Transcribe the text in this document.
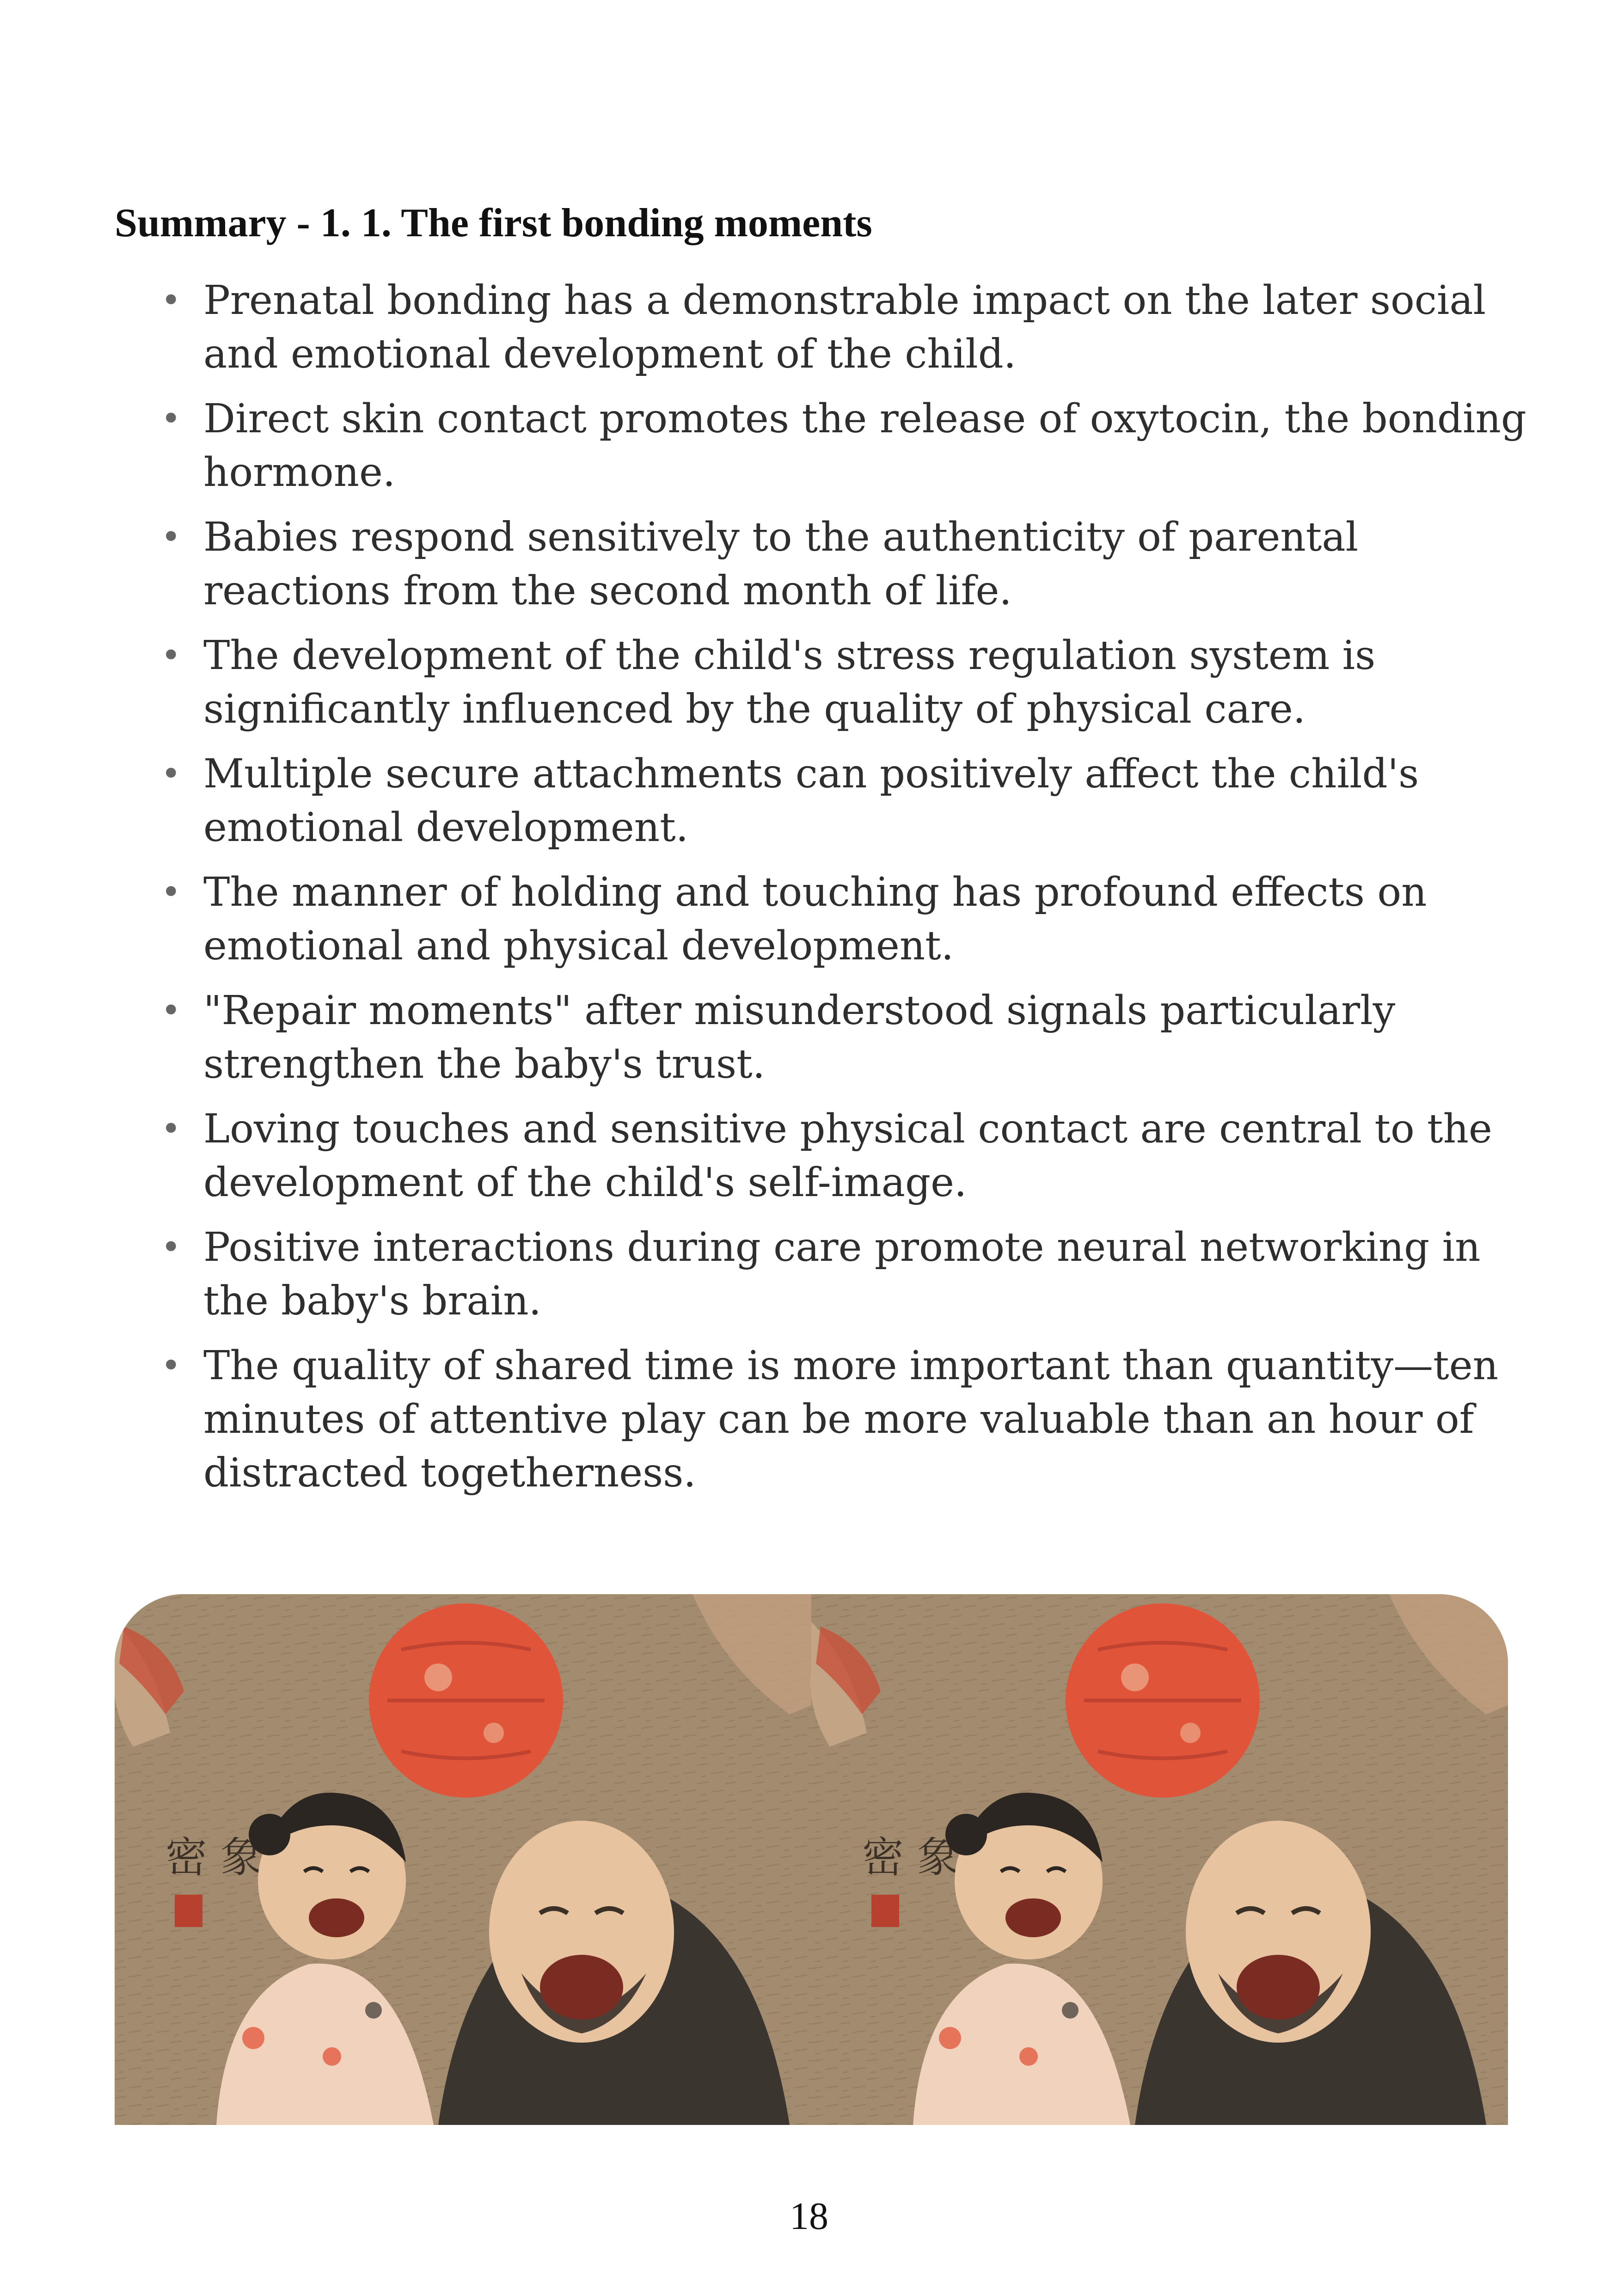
Summary - 1. 1. The first bonding moments
• Prenatal bonding has a demonstrable impact on the later social and emotional development of the child.
• Direct skin contact promotes the release of oxytocin, the bonding hormone.
• Babies respond sensitively to the authenticity of parental reactions from the second month of life.
• The development of the child's stress regulation system is significantly influenced by the quality of physical care.
• Multiple secure attachments can positively affect the child's emotional development.
• The manner of holding and touching has profound effects on emotional and physical development.
• "Repair moments" after misunderstood signals particularly strengthen the baby's trust.
• Loving touches and sensitive physical contact are central to the development of the child's self-image.
• Positive interactions during care promote neural networking in the baby's brain.
• The quality of shared time is more important than quantity—ten minutes of attentive play can be more valuable than an hour of distracted togetherness.
18
